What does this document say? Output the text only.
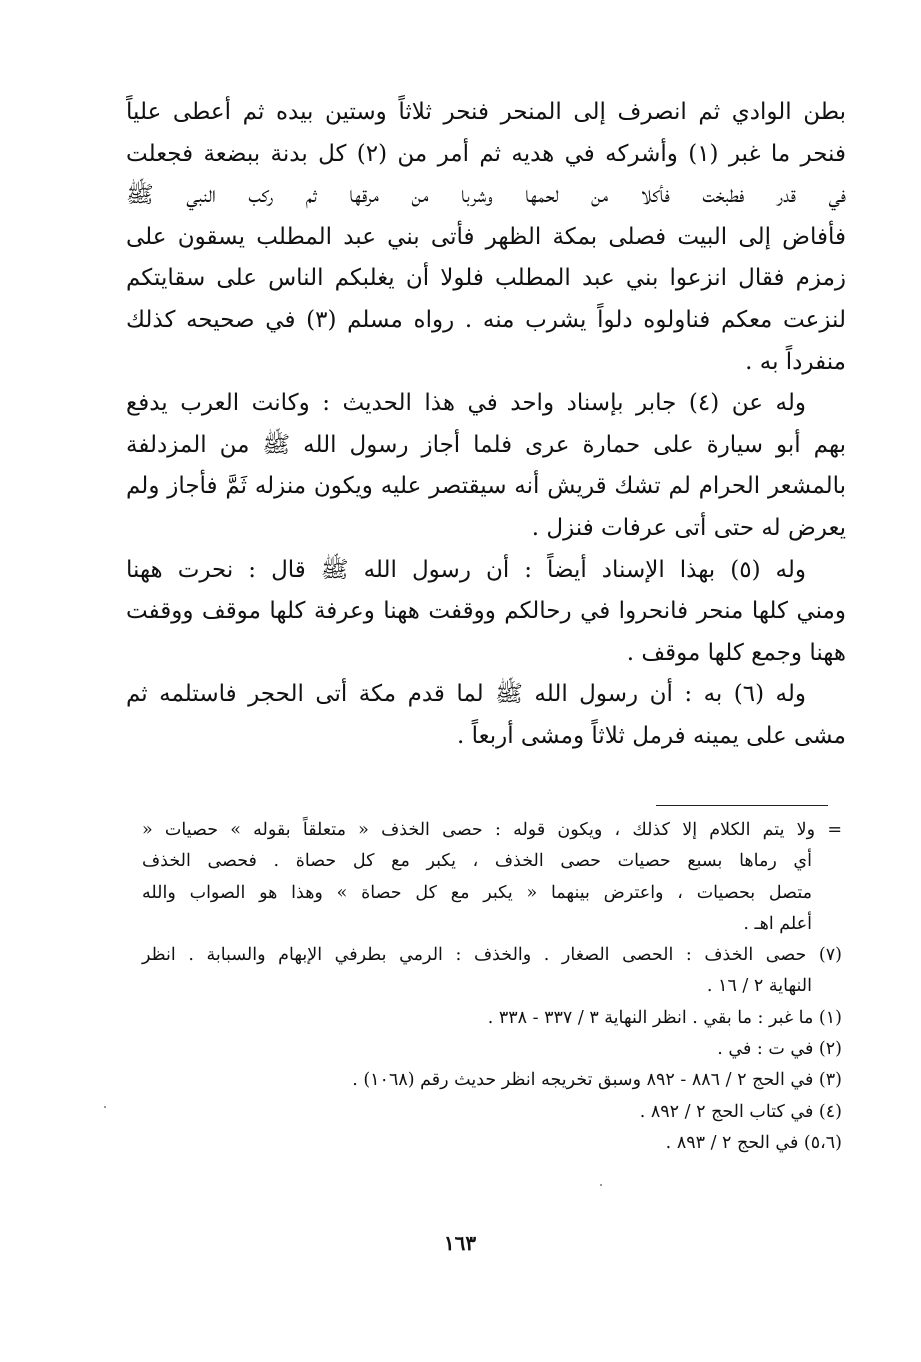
بطن الوادي ثم انصرف إلى المنحر فنحر ثلاثاً وستين بيده ثم أعطى علياً
فنحر ما غبر (١) وأشركه في هديه ثم أمر من (٢) كل بدنة ببضعة فجعلت
في قدر فطبخت فأكلا من لحمها وشربا من مرقها ثم ركب النبي ﷺ
فأفاض إلى البيت فصلى بمكة الظهر فأتى بني عبد المطلب يسقون على
زمزم فقال انزعوا بني عبد المطلب فلولا أن يغلبكم الناس على سقايتكم
لنزعت معكم فناولوه دلواً يشرب منه . رواه مسلم (٣) في صحيحه كذلك
منفرداً به .
وله عن (٤) جابر بإسناد واحد في هذا الحديث : وكانت العرب يدفع
بهم أبو سيارة على حمارة عرى فلما أجاز رسول الله ﷺ من المزدلفة
بالمشعر الحرام لم تشك قريش أنه سيقتصر عليه ويكون منزله ثَمَّ فأجاز ولم
يعرض له حتى أتى عرفات فنزل .
وله (٥) بهذا الإسناد أيضاً : أن رسول الله ﷺ قال : نحرت ههنا
ومني كلها منحر فانحروا في رحالكم ووقفت ههنا وعرفة كلها موقف ووقفت
ههنا وجمع كلها موقف .
وله (٦) به : أن رسول الله ﷺ لما قدم مكة أتى الحجر فاستلمه ثم
مشى على يمينه فرمل ثلاثاً ومشى أربعاً .
= ولا يتم الكلام إلا كذلك ، ويكون قوله : حصى الخذف « متعلقاً بقوله » حصيات «
أي رماها بسبع حصيات حصى الخذف ، يكبر مع كل حصاة . فحصى الخذف
متصل بحصيات ، واعترض بينهما « يكبر مع كل حصاة » وهذا هو الصواب والله
أعلم اهـ .
(٧) حصى الخذف : الحصى الصغار . والخذف : الرمي بطرفي الإبهام والسبابة . انظر
النهاية ٢ / ١٦ .
(١) ما غبر : ما بقي . انظر النهاية ٣ / ٣٣٧ - ٣٣٨ .
(٢) في ت : في .
(٣) في الحج ٢ / ٨٨٦ - ٨٩٢ وسبق تخريجه انظر حديث رقم (١٠٦٨) .
(٤) في كتاب الحج ٢ / ٨٩٢ .
(٥،٦) في الحج ٢ / ٨٩٣ .
١٦٣
